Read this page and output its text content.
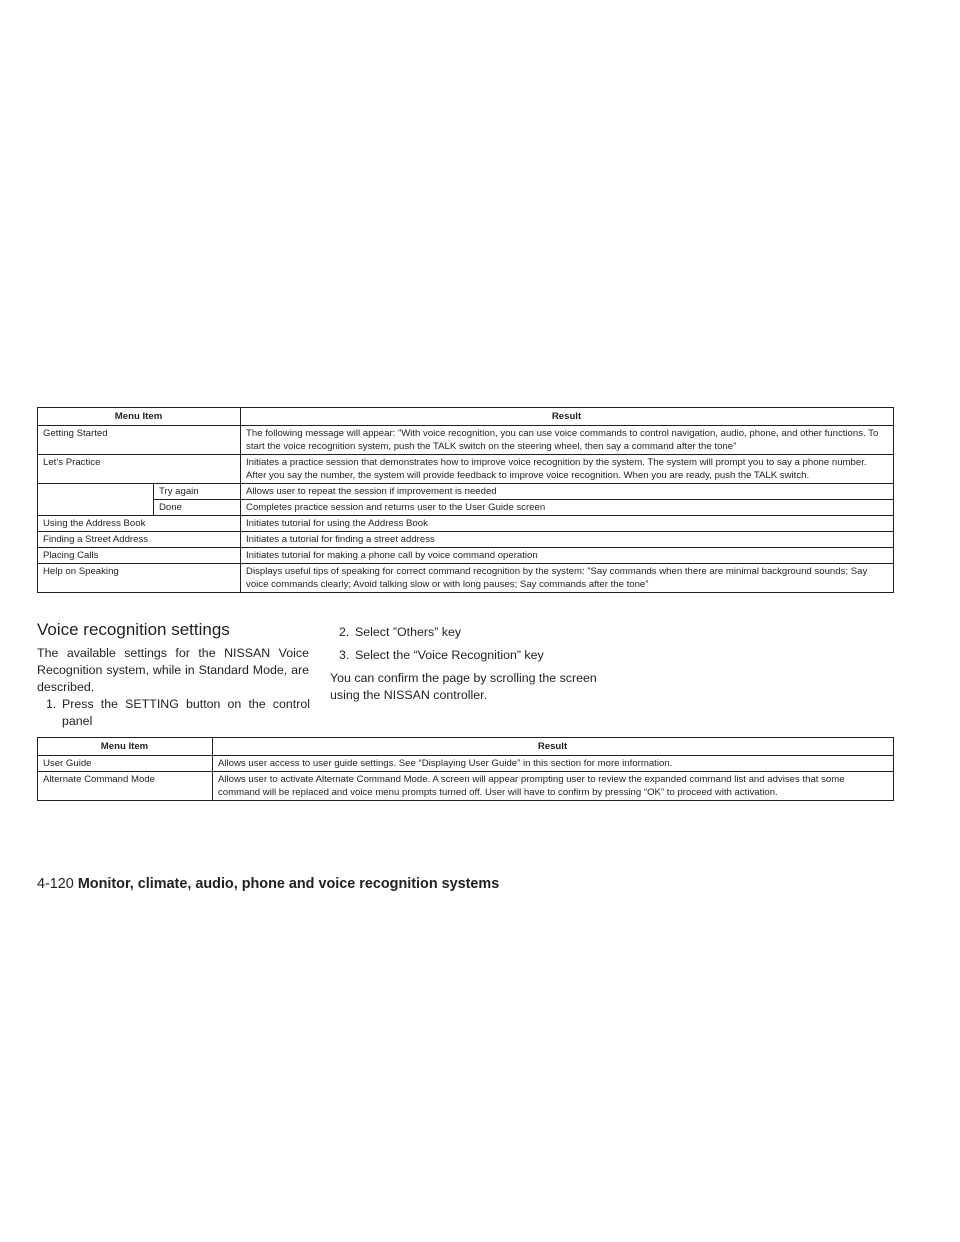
Menu Item		Result
Getting Started		The following message will appear: ”With voice recognition, you can use voice commands to control navigation, audio, phone, and other functions. To start the voice recognition system, push the TALK switch on the steering wheel, then say a command after the tone”
Let’s Practice		Initiates a practice session that demonstrates how to improve voice recognition by the system. The system will prompt you to say a phone number. After you say the number, the system will provide feedback to improve voice recognition. When you are ready, push the TALK switch.
	Try again	Allows user to repeat the session if improvement is needed
	Done	Completes practice session and returns user to the User Guide screen
Using the Address Book		Initiates tutorial for using the Address Book
Finding a Street Address		Initiates a tutorial for finding a street address
Placing Calls		Initiates tutorial for making a phone call by voice command operation
Help on Speaking		Displays useful tips of speaking for correct command recognition by the system: ”Say commands when there are minimal background sounds; Say voice commands clearly; Avoid talking slow or with long pauses; Say commands after the tone”
Voice recognition settings

The available settings for the NISSAN Voice Recognition system, while in Standard Mode, are described.

1. Press the SETTING button on the control panel
2. Select ”Others” key
3. Select the “Voice Recognition” key

You can confirm the page by scrolling the screen using the NISSAN controller.

Menu Item	Result
User Guide	Allows user access to user guide settings. See “Displaying User Guide” in this section for more information.
Alternate Command Mode	Allows user to activate Alternate Command Mode. A screen will appear prompting user to review the expanded command list and advises that some command will be replaced and voice menu prompts turned off. User will have to confirm by pressing “OK” to proceed with activation.
4-120 Monitor, climate, audio, phone and voice recognition systems
